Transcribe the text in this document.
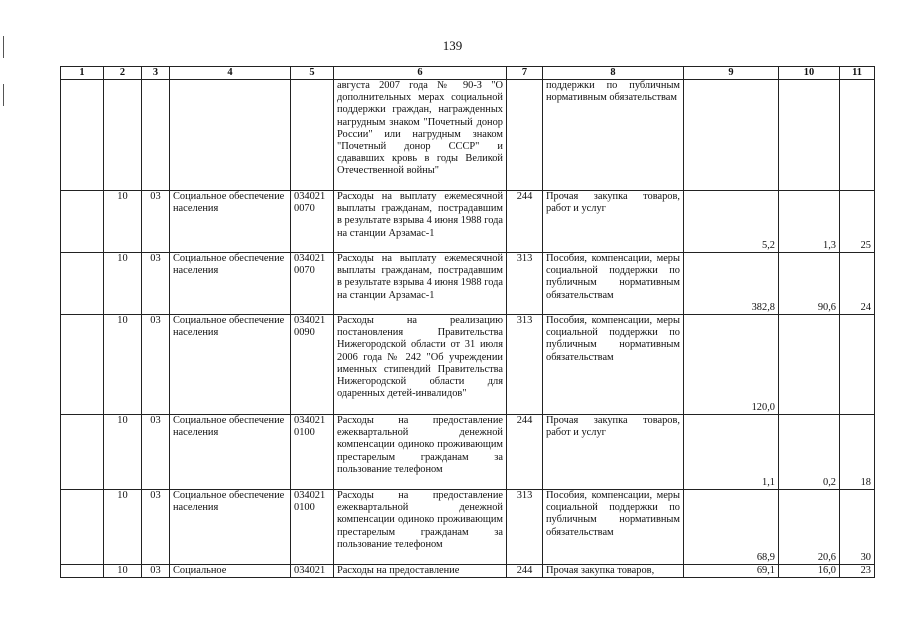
139
1	2	3	4	5	6	7	8	9	10	11
					августа 2007 года № 90-З "О дополнительных мерах социальной поддержки граждан, награжденных нагрудным знаком "Почетный донор России" или нагрудным знаком "Почетный донор СССР" и сдававших кровь в годы Великой Отечественной войны"		поддержки по публичным нормативным обязательствам			
	10	03	Социальное обеспечение населения	034021 0070	Расходы на выплату ежемесячной выплаты гражданам, пострадавшим в результате взрыва 4 июня 1988 года на станции Арзамас-1	244	Прочая закупка товаров, работ и услуг	5,2	1,3	25
	10	03	Социальное обеспечение населения	034021 0070	Расходы на выплату ежемесячной выплаты гражданам, пострадавшим в результате взрыва 4 июня 1988 года на станции Арзамас-1	313	Пособия, компенсации, меры социальной поддержки по публичным нормативным обязательствам	382,8	90,6	24
	10	03	Социальное обеспечение населения	034021 0090	Расходы на реализацию постановления Правительства Нижегородской области от 31 июля 2006 года № 242 "Об учреждении именных стипендий Правительства Нижегородской области для одаренных детей-инвалидов"	313	Пособия, компенсации, меры социальной поддержки по публичным нормативным обязательствам	120,0		
	10	03	Социальное обеспечение населения	034021 0100	Расходы на предоставление ежеквартальной денежной компенсации одиноко проживающим престарелым гражданам за пользование телефоном	244	Прочая закупка товаров, работ и услуг	1,1	0,2	18
	10	03	Социальное обеспечение населения	034021 0100	Расходы на предоставление ежеквартальной денежной компенсации одиноко проживающим престарелым гражданам за пользование телефоном	313	Пособия, компенсации, меры социальной поддержки по публичным нормативным обязательствам	68,9	20,6	30
	10	03	Социальное	034021	Расходы на предоставление	244	Прочая закупка товаров,	69,1	16,0	23
